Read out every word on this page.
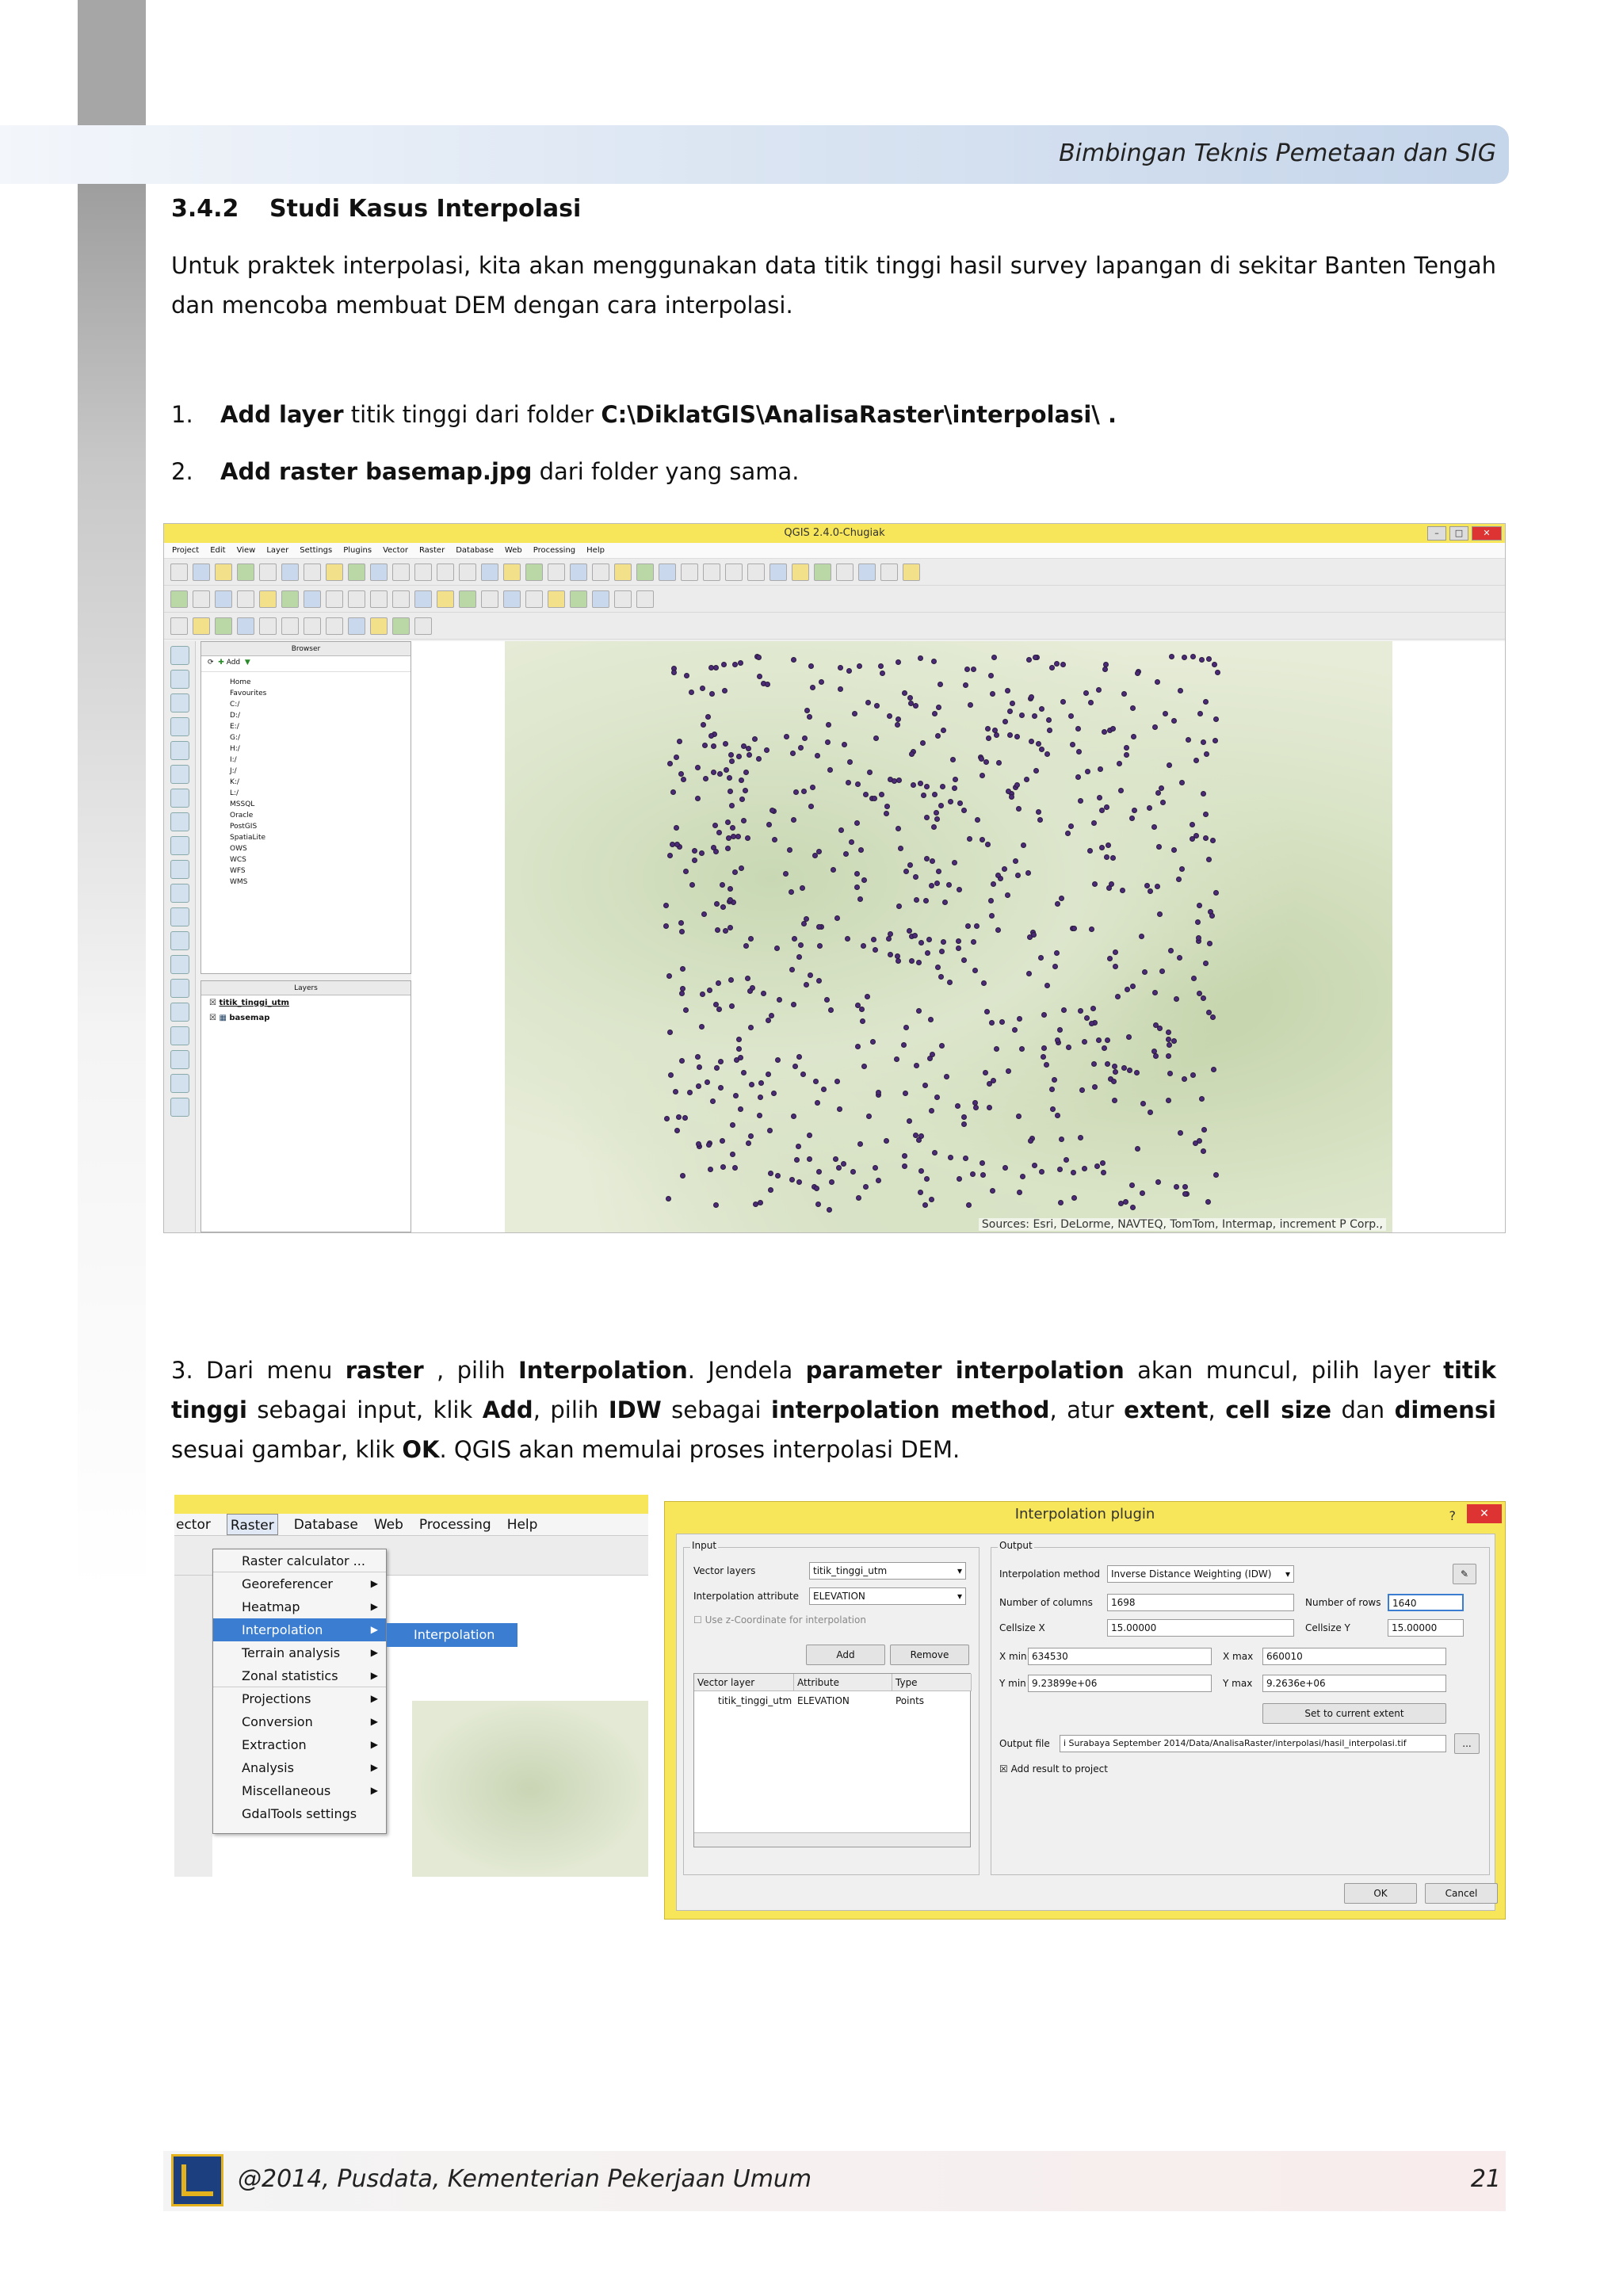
Bimbingan Teknis Pemetaan dan SIG
3.4.2 Studi Kasus Interpolasi
Untuk praktek interpolasi, kita akan menggunakan data titik tinggi hasil survey lapangan di sekitar Banten Tengah dan mencoba membuat DEM dengan cara interpolasi.
1. Add layer titik tinggi dari folder C:\DiklatGIS\AnalisaRaster\interpolasi\ .
2. Add raster basemap.jpg dari folder yang sama.
QGIS 2.4.0-Chugiak	–	□	✕
Project Edit View Layer Settings Plugins Vector Raster Database Web Processing Help
Browser
⟳ ✚ Add ▼
Home
Favourites
C:/
D:/
E:/
G:/
H:/
I:/
J:/
K:/
L:/
MSSQL
Oracle
PostGIS
SpatiaLite
OWS
WCS
WFS
WMS
Layers
☒ titik_tinggi_utm
☒ ▦ basemap
Sources: Esri, DeLorme, NAVTEQ, TomTom, Intermap, increment P Corp.,
3. Dari menu raster , pilih Interpolation. Jendela parameter interpolation akan muncul, pilih layer titik tinggi sebagai input, klik Add, pilih IDW sebagai interpolation method, atur extent, cell size dan dimensi sesuai gambar, klik OK. QGIS akan memulai proses interpolasi DEM.
ector Raster Database Web Processing Help
Raster calculator ...
Georeferencer	▶
Heatmap	▶
Interpolation	▶
Terrain analysis	▶
Zonal statistics	▶
Projections	▶
Conversion	▶
Extraction	▶
Analysis	▶
Miscellaneous	▶
GdalTools settings
Interpolation
Interpolation plugin	?	✕
Input
Vector layers	titik_tinggi_utm	▾
Interpolation attribute	ELEVATION	▾
☐ Use z-Coordinate for interpolation
Add	Remove
Vector layer	Attribute	Type
titik_tinggi_utm ELEVATION	Points
Output
Interpolation method	Inverse Distance Weighting (IDW) ▾	✎
Number of columns	1698	Number of rows	1640
Cellsize X	15.00000	Cellsize Y	15.00000
X min 634530	X max	660010
Y min 9.23899e+06	Y max	9.2636e+06
Set to current extent
Output file	i Surabaya September 2014/Data/AnalisaRaster/interpolasi/hasil_interpolasi.tif	...
☒ Add result to project
OK	Cancel
@2014, Pusdata, Kementerian Pekerjaan Umum	21
